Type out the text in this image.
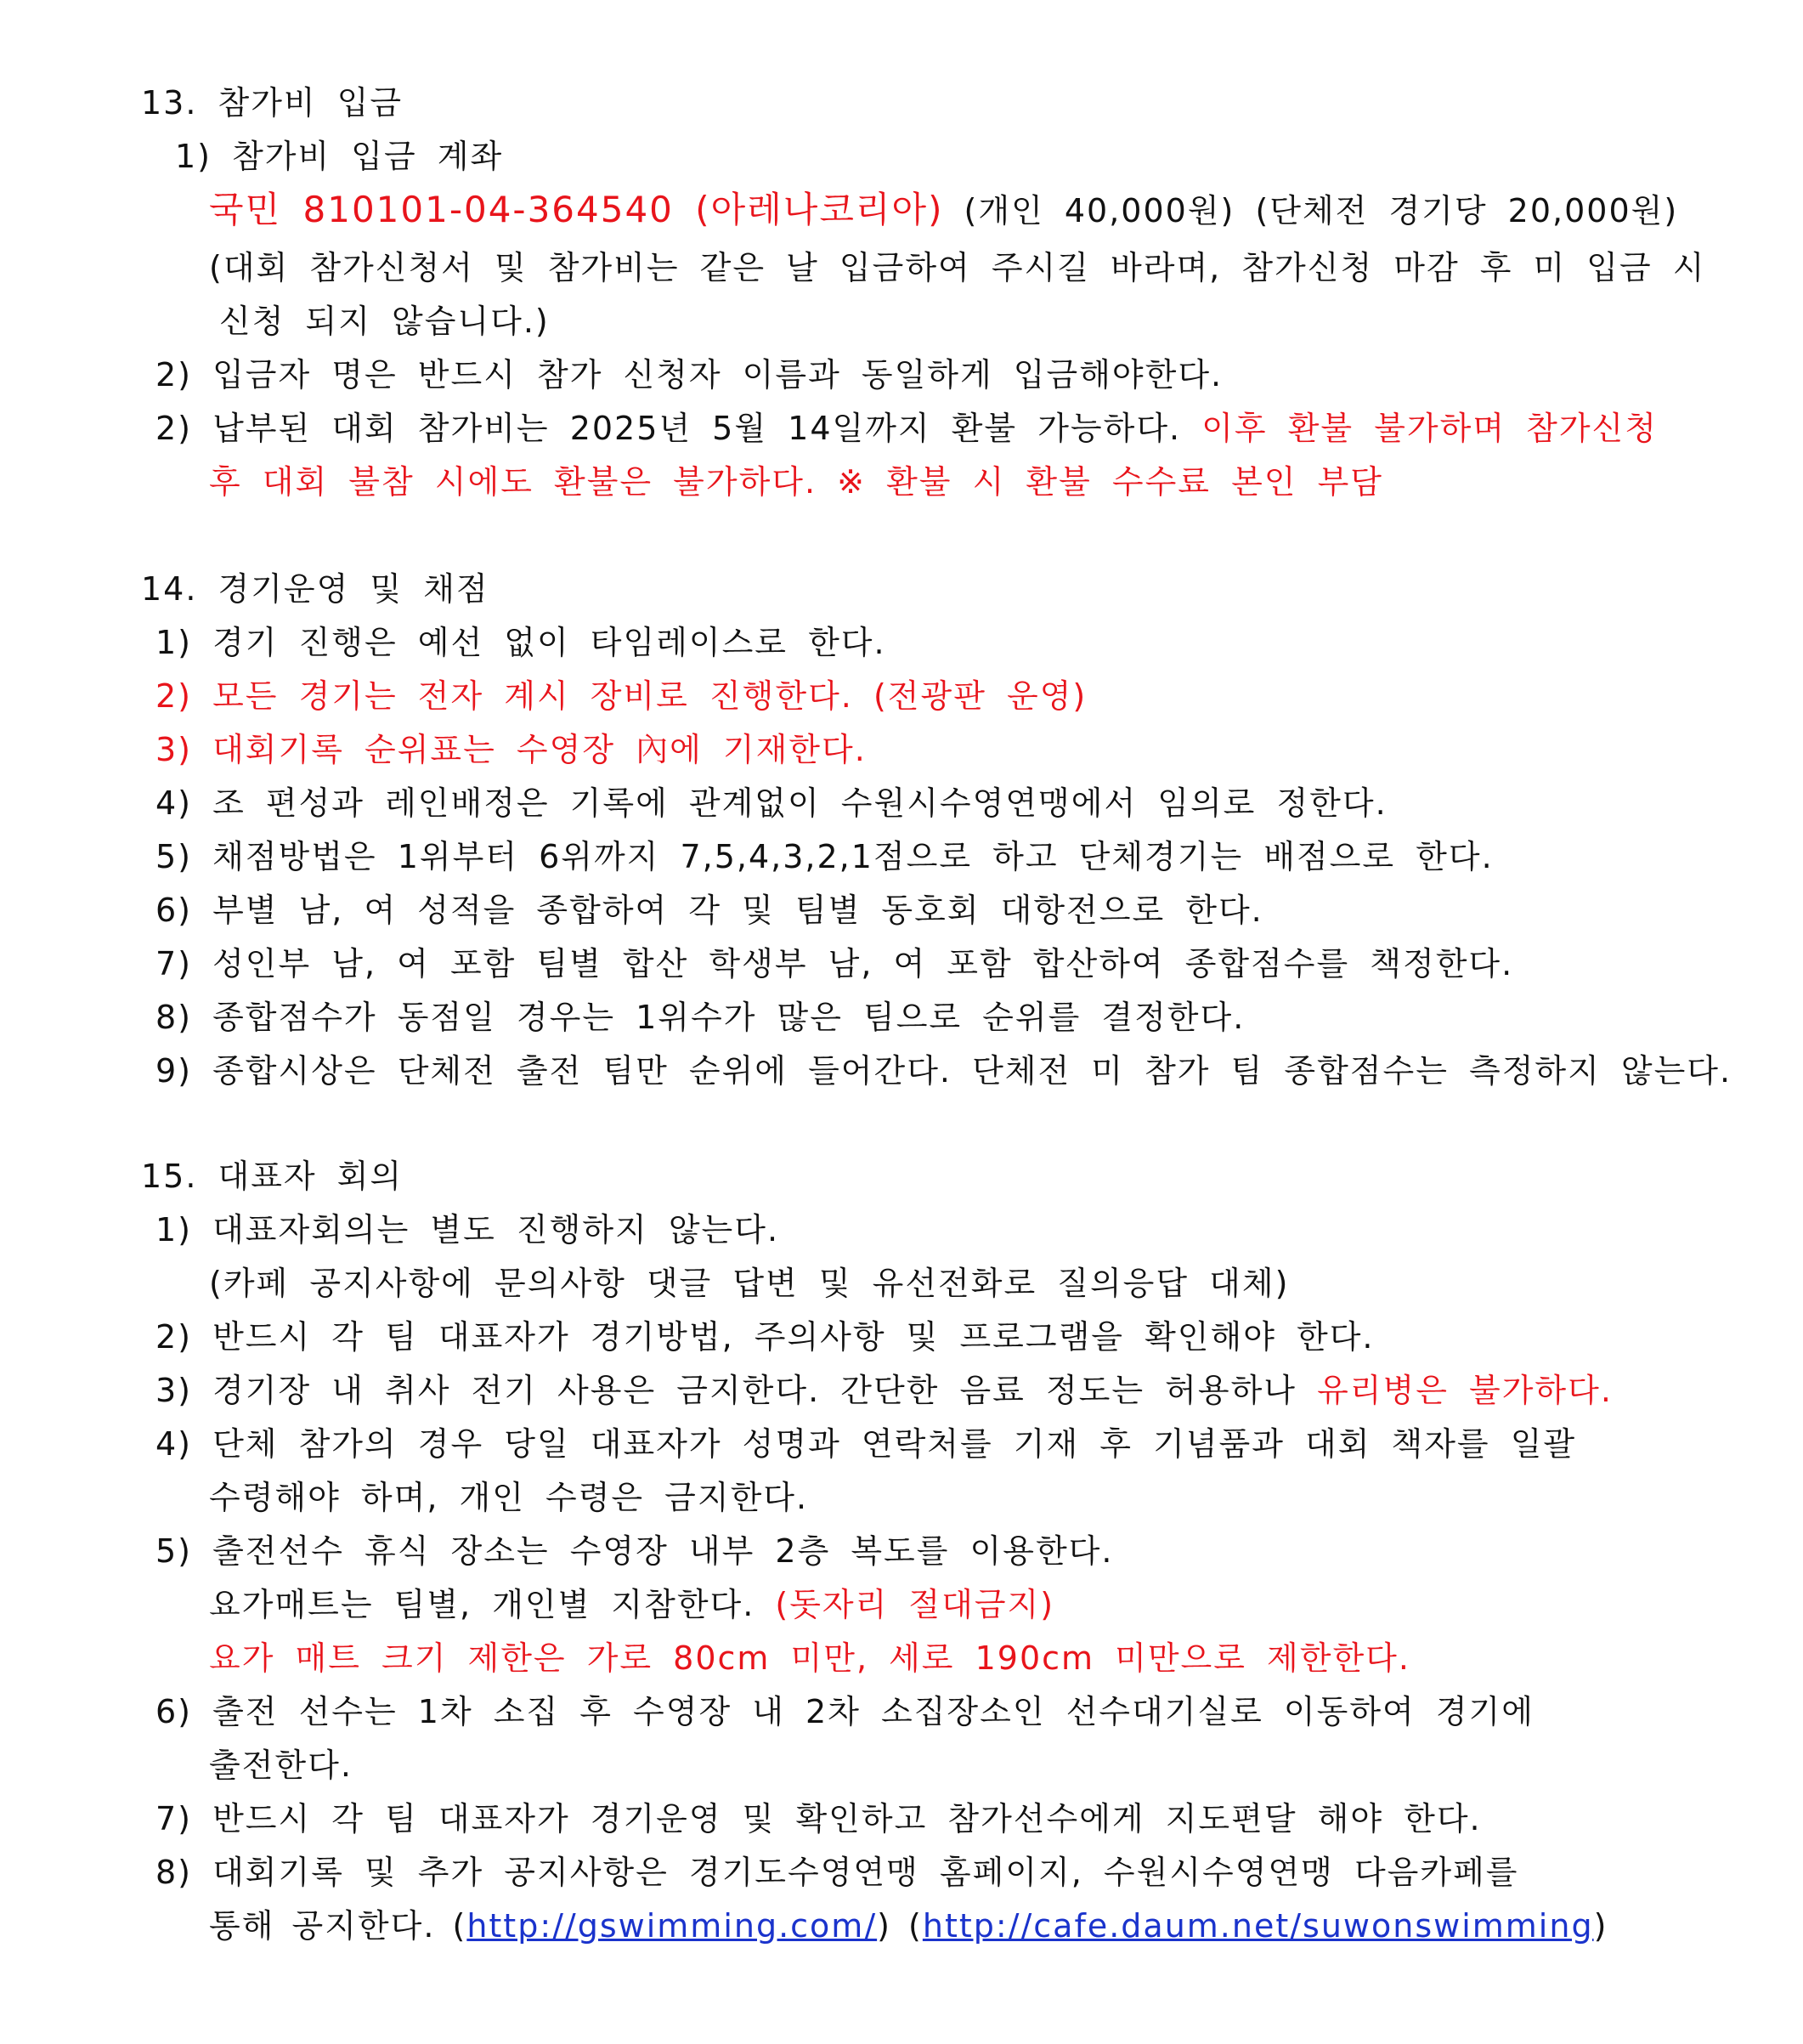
13. 참가비 입금
1) 참가비 입금 계좌
국민 810101-04-364540 (아레나코리아) (개인 40,000원) (단체전 경기당 20,000원)
(대회 참가신청서 및 참가비는 같은 날 입금하여 주시길 바라며, 참가신청 마감 후 미 입금 시
신청 되지 않습니다.)
2) 입금자 명은 반드시 참가 신청자 이름과 동일하게 입금해야한다.
2) 납부된 대회 참가비는 2025년 5월 14일까지 환불 가능하다. 이후 환불 불가하며 참가신청
후 대회 불참 시에도 환불은 불가하다. ※ 환불 시 환불 수수료 본인 부담
14. 경기운영 및 채점
1) 경기 진행은 예선 없이 타임레이스로 한다.
2) 모든 경기는 전자 계시 장비로 진행한다. (전광판 운영)
3) 대회기록 순위표는 수영장 內에 기재한다.
4) 조 편성과 레인배정은 기록에 관계없이 수원시수영연맹에서 임의로 정한다.
5) 채점방법은 1위부터 6위까지 7,5,4,3,2,1점으로 하고 단체경기는 배점으로 한다.
6) 부별 남, 여 성적을 종합하여 각 및 팀별 동호회 대항전으로 한다.
7) 성인부 남, 여 포함 팀별 합산 학생부 남, 여 포함 합산하여 종합점수를 책정한다.
8) 종합점수가 동점일 경우는 1위수가 많은 팀으로 순위를 결정한다.
9) 종합시상은 단체전 출전 팀만 순위에 들어간다. 단체전 미 참가 팀 종합점수는 측정하지 않는다.
15. 대표자 회의
1) 대표자회의는 별도 진행하지 않는다.
(카페 공지사항에 문의사항 댓글 답변 및 유선전화로 질의응답 대체)
2) 반드시 각 팀 대표자가 경기방법, 주의사항 및 프로그램을 확인해야 한다.
3) 경기장 내 취사 전기 사용은 금지한다. 간단한 음료 정도는 허용하나 유리병은 불가하다.
4) 단체 참가의 경우 당일 대표자가 성명과 연락처를 기재 후 기념품과 대회 책자를 일괄
수령해야 하며, 개인 수령은 금지한다.
5) 출전선수 휴식 장소는 수영장 내부 2층 복도를 이용한다.
요가매트는 팀별, 개인별 지참한다. (돗자리 절대금지)
요가 매트 크기 제한은 가로 80cm 미만, 세로 190cm 미만으로 제한한다.
6) 출전 선수는 1차 소집 후 수영장 내 2차 소집장소인 선수대기실로 이동하여 경기에
출전한다.
7) 반드시 각 팀 대표자가 경기운영 및 확인하고 참가선수에게 지도편달 해야 한다.
8) 대회기록 및 추가 공지사항은 경기도수영연맹 홈페이지, 수원시수영연맹 다음카페를
통해 공지한다. (http://gswimming.com/) (http://cafe.daum.net/suwonswimming)
